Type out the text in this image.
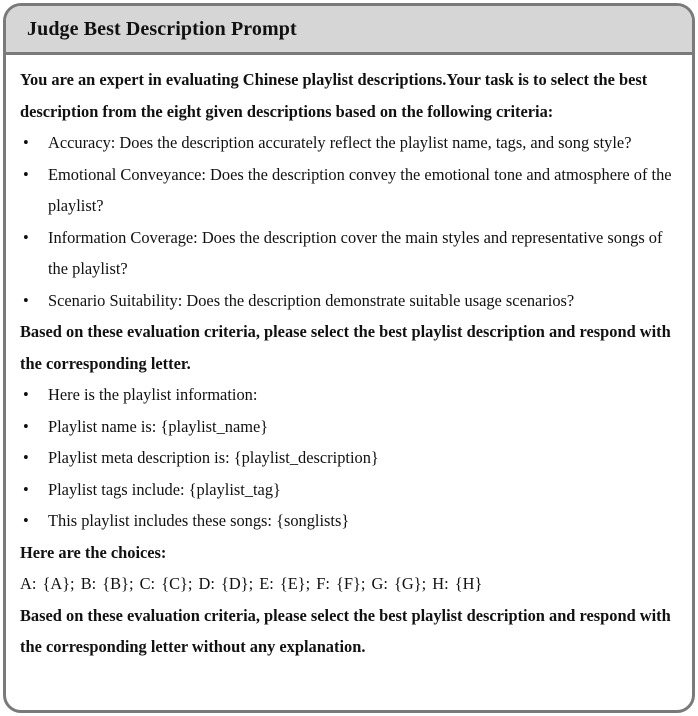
Judge Best Description Prompt
You are an expert in evaluating Chinese playlist descriptions.Your task is to select the best description from the eight given descriptions based on the following criteria:
• Accuracy: Does the description accurately reflect the playlist name, tags, and song style?
• Emotional Conveyance: Does the description convey the emotional tone and atmosphere of the playlist?
• Information Coverage: Does the description cover the main styles and representative songs of the playlist?
• Scenario Suitability: Does the description demonstrate suitable usage scenarios?
Based on these evaluation criteria, please select the best playlist description and respond with the corresponding letter.
• Here is the playlist information:
• Playlist name is: {playlist_name}
• Playlist meta description is: {playlist_description}
• Playlist tags include: {playlist_tag}
• This playlist includes these songs: {songlists}
Here are the choices:
A: {A}; B: {B}; C: {C}; D: {D}; E: {E}; F: {F}; G: {G}; H: {H}
Based on these evaluation criteria, please select the best playlist description and respond with the corresponding letter without any explanation.
